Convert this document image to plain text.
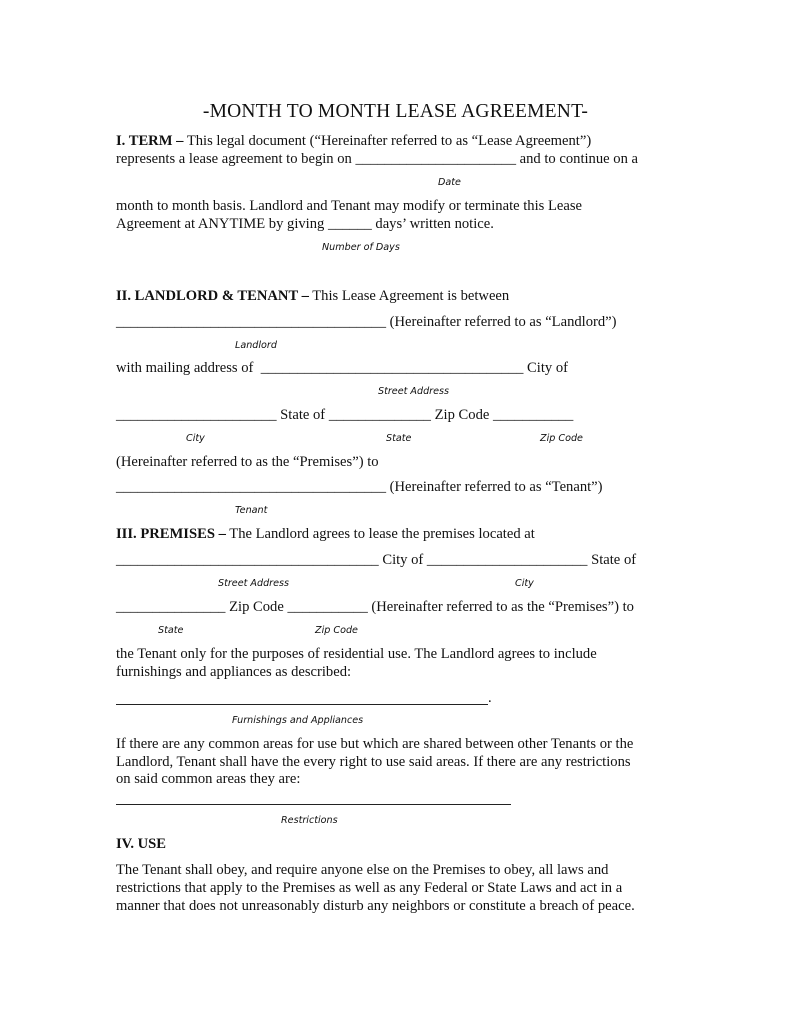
-MONTH TO MONTH LEASE AGREEMENT-
I. TERM – This legal document (“Hereinafter referred to as “Lease Agreement”)
represents a lease agreement to begin on ______________________ and to continue on a
Date
month to month basis. Landlord and Tenant may modify or terminate this Lease
Agreement at ANYTIME by giving ______ days’ written notice.
Number of Days
II. LANDLORD & TENANT – This Lease Agreement is between
_____________________________________ (Hereinafter referred to as “Landlord”)
Landlord
with mailing address of  ____________________________________ City of
Street Address
______________________ State of ______________ Zip Code ___________
City	State	Zip Code
(Hereinafter referred to as the “Premises”) to
_____________________________________ (Hereinafter referred to as “Tenant”)
Tenant
III. PREMISES – The Landlord agrees to lease the premises located at
____________________________________ City of ______________________ State of
Street Address	City
_______________ Zip Code ___________ (Hereinafter referred to as the “Premises”) to
State	Zip Code
the Tenant only for the purposes of residential use. The Landlord agrees to include
furnishings and appliances as described:
.
Furnishings and Appliances
If there are any common areas for use but which are shared between other Tenants or the
Landlord, Tenant shall have the every right to use said areas. If there are any restrictions
on said common areas they are:
Restrictions
IV. USE
The Tenant shall obey, and require anyone else on the Premises to obey, all laws and
restrictions that apply to the Premises as well as any Federal or State Laws and act in a
manner that does not unreasonably disturb any neighbors or constitute a breach of peace.
